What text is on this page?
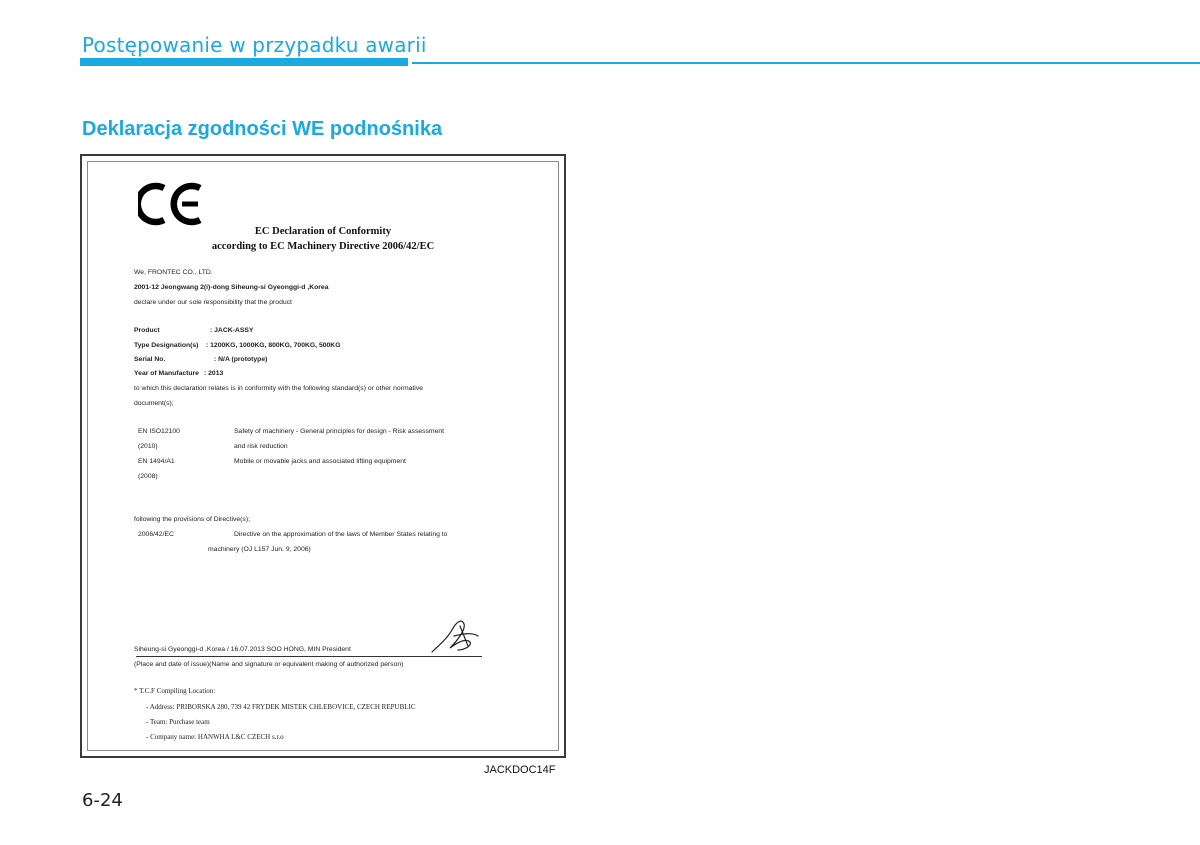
Postępowanie w przypadku awarii
Deklaracja zgodności WE podnośnika
EC Declaration of Conformity
according to EC Machinery Directive 2006/42/EC
We, FRONTEC CO., LTD.
2001-12 Jeongwang 2(i)-dong Siheung-si Gyeonggi-d ,Korea
declare under our sole responsibility that the product
Product	: JACK-ASSY
Type Designation(s) : 1200KG, 1000KG, 800KG, 700KG, 500KG
Serial No.	: N/A (prototype)
Year of Manufacture : 2013
to which this declaration relates is in conformity with the following standard(s) or other normative
document(s);
EN ISO12100	Safety of machinery - General principles for design - Risk assessment
(2010)	and risk reduction
EN 1494/A1	Mobile or movable jacks and associated lifting equipment
(2008)
following the provisions of Directive(s);
2006/42/EC	Directive on the approximation of the laws of Member States relating to
machinery (OJ L157 Jun. 9, 2006)
Siheung-si Gyeonggi-d ,Korea / 16.07.2013 SOO HONG, MIN President
(Place and date of issue)(Name and signature or equivalent making of authorized person)
* T.C.F Compiling Location:
- Address: PRIBORSKA 280, 739 42 FRYDEK MISTEK CHLEBOVICE, CZECH REPUBLIC
- Team: Purchase team
- Company name: HANWHA L&C CZECH s.r.o
JACKDOC14F
6-24
